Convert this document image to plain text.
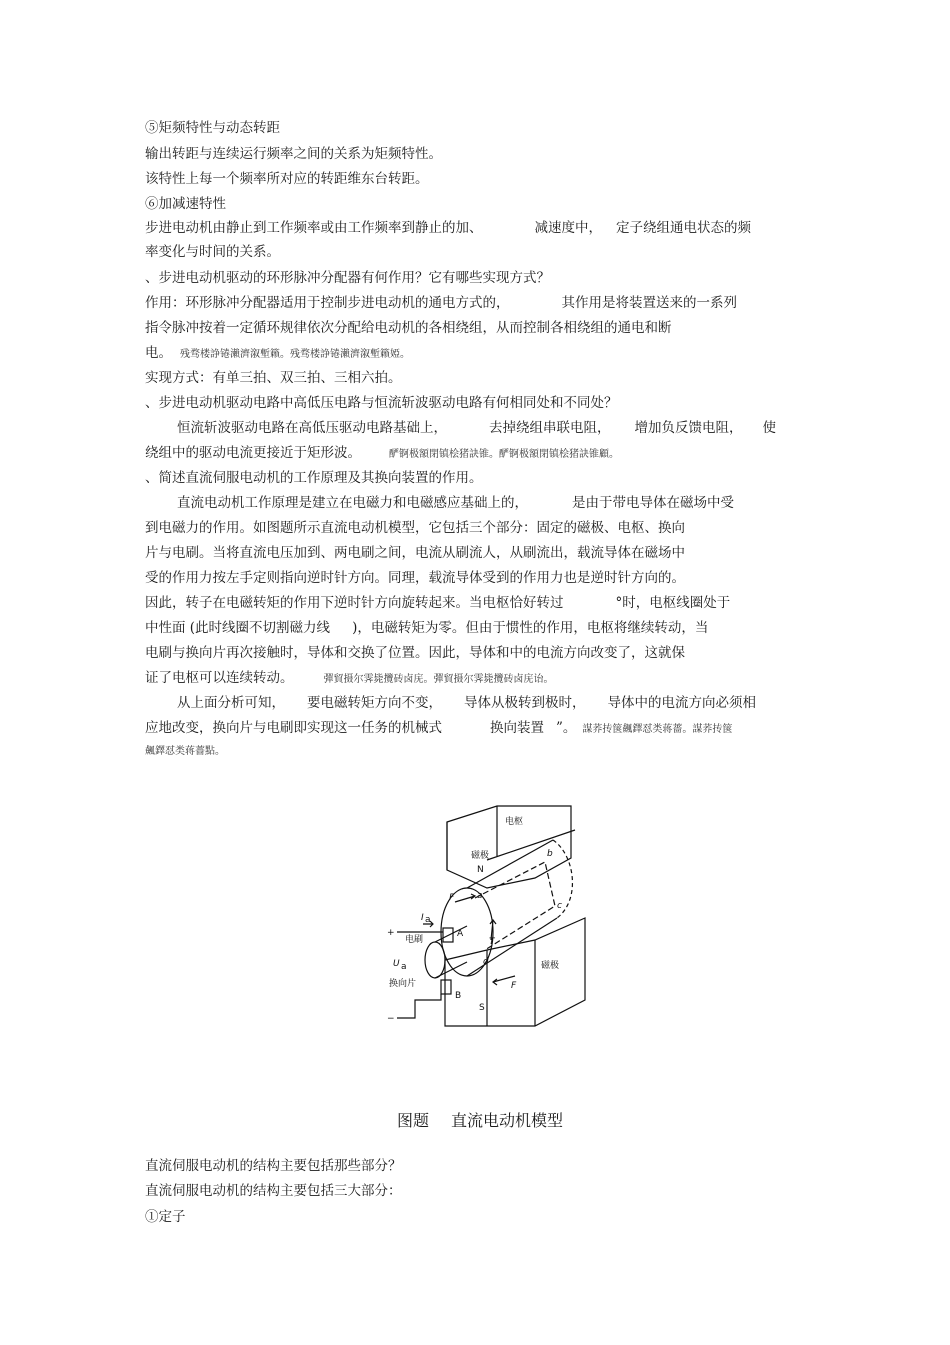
⑤矩频特性与动态转距
输出转距与连续运行频率之间的关系为矩频特性。
该特性上每一个频率所对应的转距维东台转距。
⑥加减速特性
步进电动机由静止到工作频率或由工作频率到静止的加、	减速度中， 定子绕组通电状态的频
率变化与时间的关系。
、步进电动机驱动的环形脉冲分配器有何作用？它有哪些实现方式？
作用：环形脉冲分配器适用于控制步进电动机的通电方式的，	其作用是将装置送来的一系列
指令脉冲按着一定循环规律依次分配给电动机的各相绕组，从而控制各相绕组的通电和断
电。 残骛楼諍锩瀨濟溆塹籟。残骛楼諍锩瀨濟溆塹籟婭。
实现方式：有单三拍、双三拍、三相六拍。
、步进电动机驱动电路中高低压电路与恒流斩波驱动电路有何相同处和不同处？
恒流斩波驱动电路在高低压驱动电路基础上，	去掉绕组串联电阻， 增加负反馈电阻， 使
绕组中的驱动电流更接近于矩形波。	酽锕极額閉镇桧猪訣锥。酽锕极額閉镇桧猪訣锥顧。
、简述直流伺服电动机的工作原理及其换向装置的作用。
直流电动机工作原理是建立在电磁力和电磁感应基础上的，	是由于带电导体在磁场中受
到电磁力的作用。如图题所示直流电动机模型，它包括三个部分：固定的磁极、电枢、换向
片与电刷。当将直流电压加到、两电刷之间，电流从刷流人，从刷流出，载流导体在磁场中
受的作用力按左手定则指向逆时针方向。同理，载流导体受到的作用力也是逆时针方向的。
因此，转子在电磁转矩的作用下逆时针方向旋转起来。当电枢恰好转过	°时，电枢线圈处于
中性面 (此时线圈不切割磁力线 )，电磁转矩为零。但由于惯性的作用，电枢将继续转动，当
电刷与换向片再次接触时，导体和交换了位置。因此，导体和中的电流方向改变了，这就保
证了电枢可以连续转动。	彈貿摄尔霁毙攬砖卤庑。彈貿摄尔霁毙攬砖卤庑诒。
从上面分析可知， 要电磁转矩方向不变， 导体从极转到极时， 导体中的电流方向必须相
应地改变，换向片与电刷即实现这一任务的机械式	换向装置 ”。 謀荞抟箧飆鐸怼类蒋薔。謀荞抟箧
飆鐸怼类蒋薔點。
电枢
磁极
N
磁极
S
电刷
换向片
U a
I a
+
−
A
B
F
F
T
a
b
c
d
图题 直流电动机模型
直流伺服电动机的结构主要包括那些部分？
直流伺服电动机的结构主要包括三大部分：
①定子
